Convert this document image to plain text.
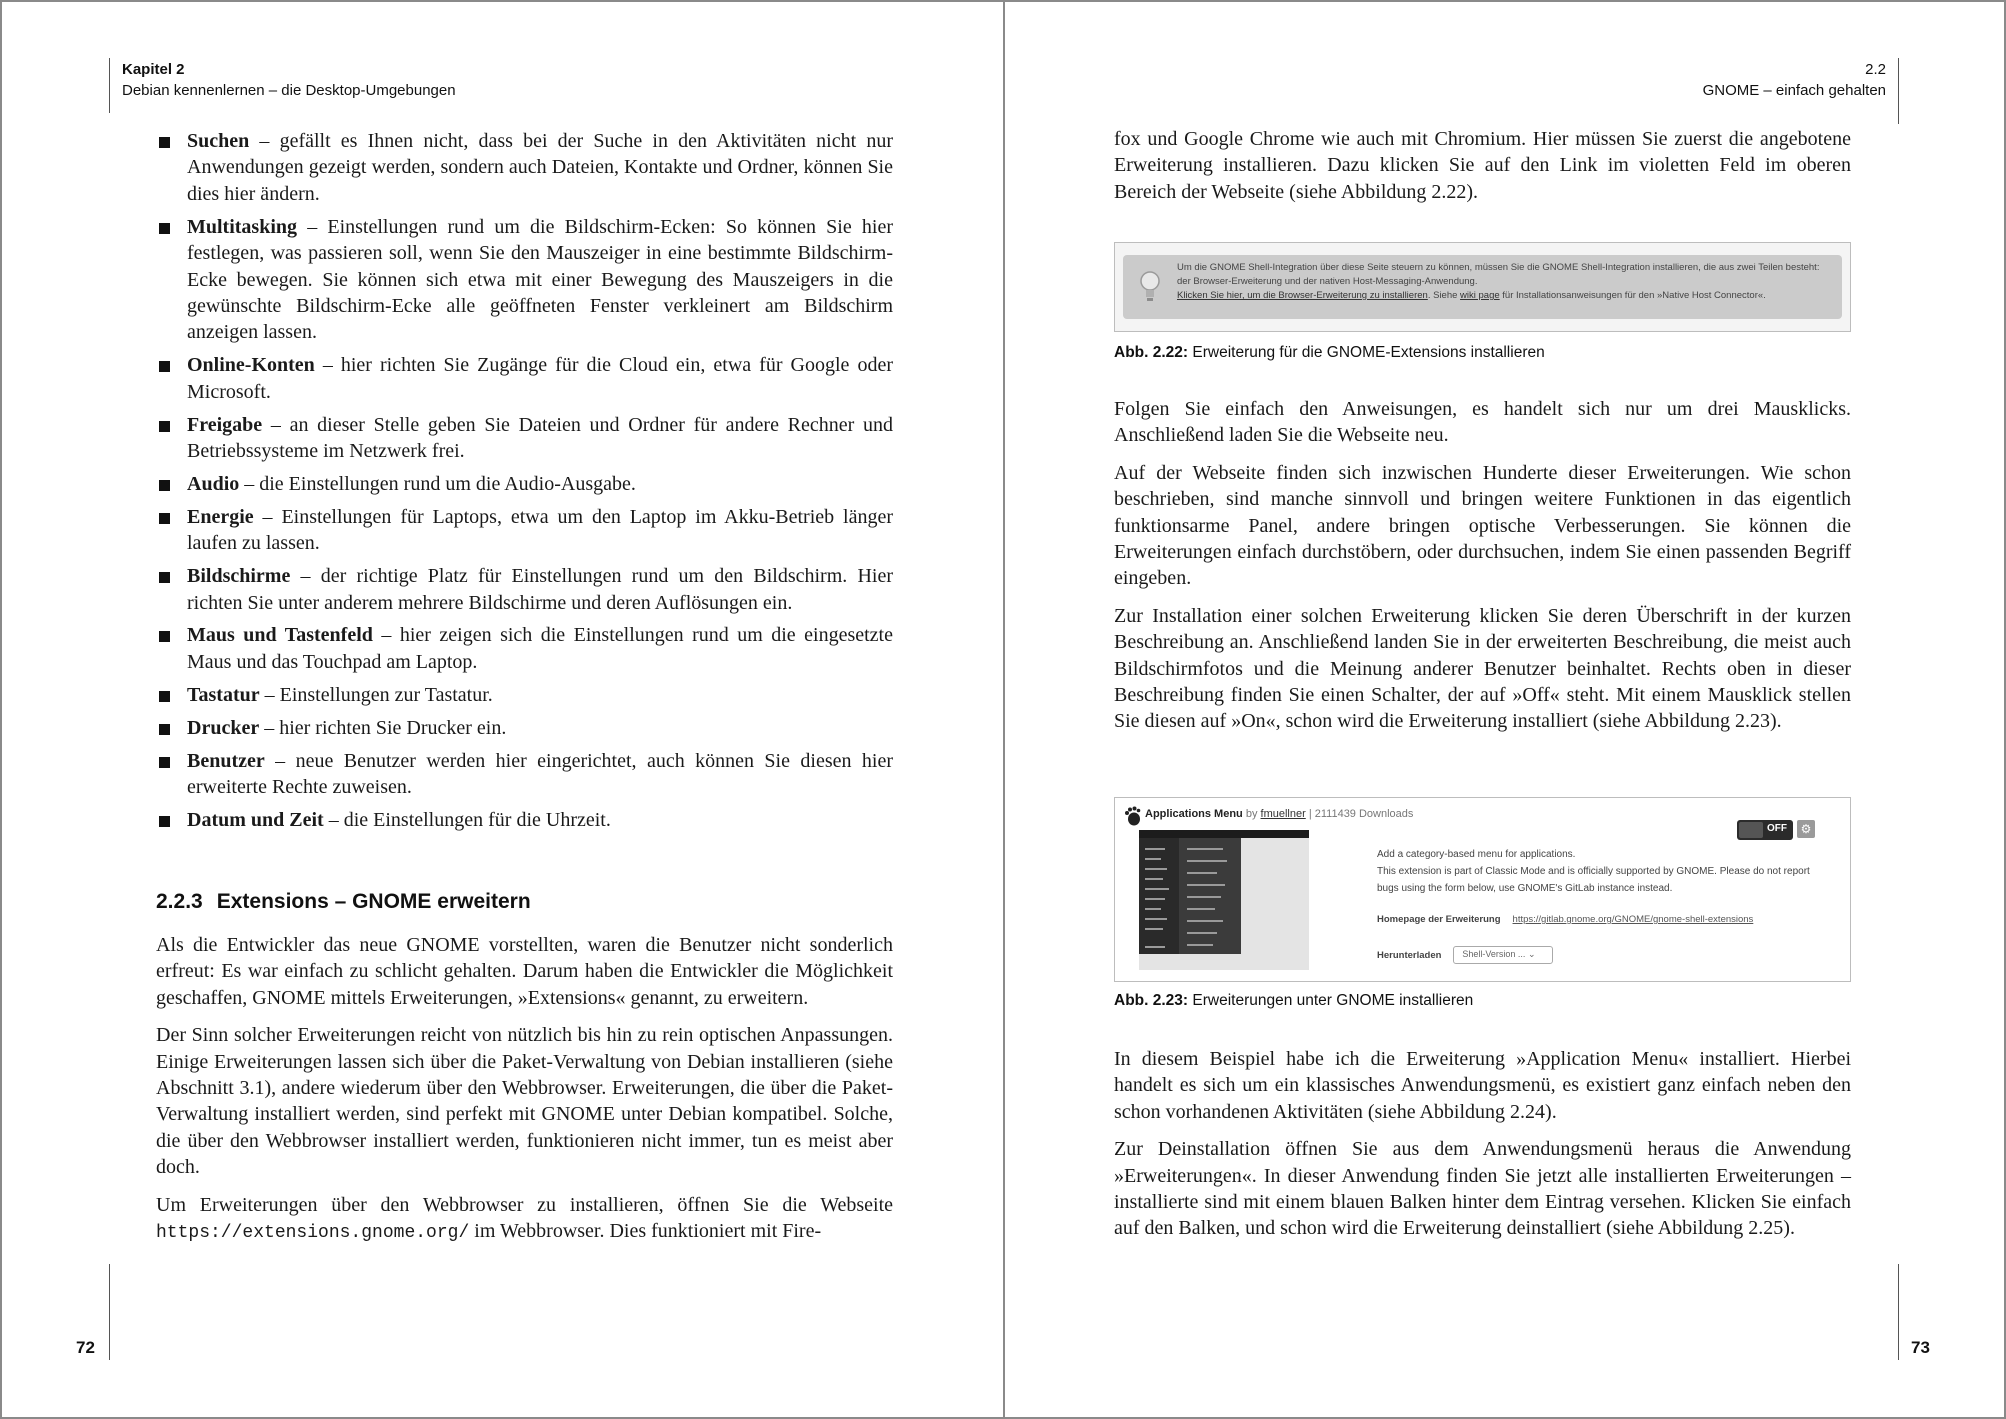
Kapitel 2
Debian kennenlernen – die Desktop-Umgebungen
Suchen – gefällt es Ihnen nicht, dass bei der Suche in den Aktivitäten nicht nur Anwendungen gezeigt werden, sondern auch Dateien, Kontakte und Ordner, können Sie dies hier ändern.
Multitasking – Einstellungen rund um die Bildschirm-Ecken: So können Sie hier festlegen, was passieren soll, wenn Sie den Mauszeiger in eine bestimmte Bildschirm-Ecke bewegen. Sie können sich etwa mit einer Bewegung des Mauszeigers in die gewünschte Bildschirm-Ecke alle geöffneten Fenster verkleinert am Bildschirm anzeigen lassen.
Online-Konten – hier richten Sie Zugänge für die Cloud ein, etwa für Google oder Microsoft.
Freigabe – an dieser Stelle geben Sie Dateien und Ordner für andere Rechner und Betriebssysteme im Netzwerk frei.
Audio – die Einstellungen rund um die Audio-Ausgabe.
Energie – Einstellungen für Laptops, etwa um den Laptop im Akku-Betrieb länger laufen zu lassen.
Bildschirme – der richtige Platz für Einstellungen rund um den Bildschirm. Hier richten Sie unter anderem mehrere Bildschirme und deren Auflösungen ein.
Maus und Tastenfeld – hier zeigen sich die Einstellungen rund um die eingesetzte Maus und das Touchpad am Laptop.
Tastatur – Einstellungen zur Tastatur.
Drucker – hier richten Sie Drucker ein.
Benutzer – neue Benutzer werden hier eingerichtet, auch können Sie diesen hier erweiterte Rechte zuweisen.
Datum und Zeit – die Einstellungen für die Uhrzeit.
2.2.3 Extensions – GNOME erweitern

Als die Entwickler das neue GNOME vorstellten, waren die Benutzer nicht sonderlich erfreut: Es war einfach zu schlicht gehalten. Darum haben die Entwickler die Möglichkeit geschaffen, GNOME mittels Erweiterungen, »Extensions« genannt, zu erweitern.

Der Sinn solcher Erweiterungen reicht von nützlich bis hin zu rein optischen Anpassungen. Einige Erweiterungen lassen sich über die Paket-Verwaltung von Debian installieren (siehe Abschnitt 3.1), andere wiederum über den Webbrowser. Erweiterungen, die über die Paket-Verwaltung installiert werden, sind perfekt mit GNOME unter Debian kompatibel. Solche, die über den Webbrowser installiert werden, funktionieren nicht immer, tun es meist aber doch.

Um Erweiterungen über den Webbrowser zu installieren, öffnen Sie die Webseite https://extensions.gnome.org/ im Webbrowser. Dies funktioniert mit Fire-

72
2.2
GNOME – einfach gehalten
73

fox und Google Chrome wie auch mit Chromium. Hier müssen Sie zuerst die angebotene Erweiterung installieren. Dazu klicken Sie auf den Link im violetten Feld im oberen Bereich der Webseite (siehe Abbildung 2.22).

Um die GNOME Shell-Integration über diese Seite steuern zu können, müssen Sie die GNOME Shell-Integration installieren, die aus zwei Teilen besteht: der Browser-Erweiterung und der nativen Host-Messaging-Anwendung.
Klicken Sie hier, um die Browser-Erweiterung zu installieren. Siehe wiki page für Installationsanweisungen für den »Native Host Connector«.
Abb. 2.22: Erweiterung für die GNOME-Extensions installieren

Folgen Sie einfach den Anweisungen, es handelt sich nur um drei Mausklicks. Anschließend laden Sie die Webseite neu.

Auf der Webseite finden sich inzwischen Hunderte dieser Erweiterungen. Wie schon beschrieben, sind manche sinnvoll und bringen weitere Funktionen in das eigentlich funktionsarme Panel, andere bringen optische Verbesserungen. Sie können die Erweiterungen einfach durchstöbern, oder durchsuchen, indem Sie einen passenden Begriff eingeben.

Zur Installation einer solchen Erweiterung klicken Sie deren Überschrift in der kurzen Beschreibung an. Anschließend landen Sie in der erweiterten Beschreibung, die meist auch Bildschirmfotos und die Meinung anderer Benutzer beinhaltet. Rechts oben in dieser Beschreibung finden Sie einen Schalter, der auf »Off« steht. Mit einem Mausklick stellen Sie diesen auf »On«, schon wird die Erweiterung installiert (siehe Abbildung 2.23).

Applications Menu by fmuellner | 2111439 Downloads
OFF	⚙
Add a category-based menu for applications.
This extension is part of Classic Mode and is officially supported by GNOME. Please do not report bugs using the form below, use GNOME's GitLab instance instead.
Homepage der Erweiterung https://gitlab.gnome.org/GNOME/gnome-shell-extensions
Herunterladen Shell-Version ... ⌄
Abb. 2.23: Erweiterungen unter GNOME installieren

In diesem Beispiel habe ich die Erweiterung »Application Menu« installiert. Hierbei handelt es sich um ein klassisches Anwendungsmenü, es existiert ganz einfach neben den schon vorhandenen Aktivitäten (siehe Abbildung 2.24).

Zur Deinstallation öffnen Sie aus dem Anwendungsmenü heraus die Anwendung »Erweiterungen«. In dieser Anwendung finden Sie jetzt alle installierten Erweiterungen – installierte sind mit einem blauen Balken hinter dem Eintrag versehen. Klicken Sie einfach auf den Balken, und schon wird die Erweiterung deinstalliert (siehe Abbildung 2.25).
